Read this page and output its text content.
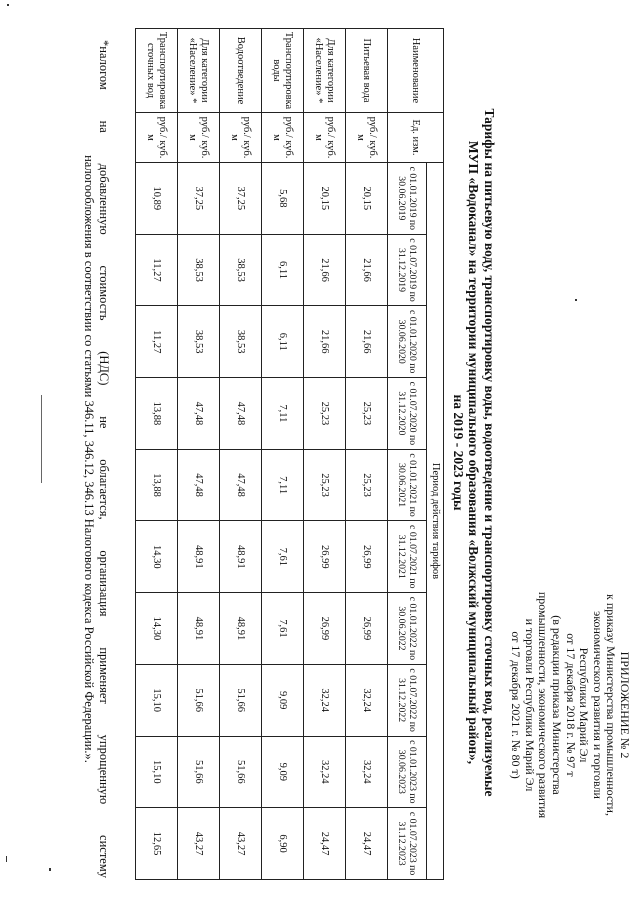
ПРИЛОЖЕНИЕ № 2
к приказу Министерства промышленности,
экономического развития и торговли
Республики Марий Эл
от 17 декабря 2018 г. № 97 т
(в редакции приказа Министерства
промышленности, экономического развития
и торговли Республики Марий Эл
от 17 декабря 2021 г. № 80 т)
Тарифы на питьевую воду, транспортировку воды, водоотведение и транспортировку сточных вод, реализуемые
МУП «Водоканал» на территории муниципального образования «Волжский муниципальный район»,
на 2019 - 2023 годы
Наименование	Ед. изм.	Период действия тарифов									
		с 01.01.2019 по 30.06.2019	с 01.07.2019 по 31.12.2019	с 01.01.2020 по 30.06.2020	с 01.07.2020 по 31.12.2020	с 01.01.2021 по 30.06.2021	с 01.07.2021 по 31.12.2021	с 01.01.2022 по 30.06.2022	с 01.07.2022 по 31.12.2022	с 01.01.2023 по 30.06.2023	с 01.07.2023 по 31.12.2023
Питьевая вода	руб./ куб. м	20,15	21,66	21,66	25,23	25,23	26,99	26,99	32,24	32,24	24,47
Для категории «Население» *	руб./ куб. м	20,15	21,66	21,66	25,23	25,23	26,99	26,99	32,24	32,24	24,47
Транспортировка воды	руб./ куб. м	5,68	6,11	6,11	7,11	7,11	7,61	7,61	9,09	9,09	6,90
Водоотведение	руб./ куб. м	37,25	38,53	38,53	47,48	47,48	48,91	48,91	51,66	51,66	43,27
Для категории «Население» *	руб./ куб. м	37,25	38,53	38,53	47,48	47,48	48,91	48,91	51,66	51,66	43,27
Транспортировка сточных вод	руб./ куб. м	10,89	11,27	11,27	13,88	13,88	14,30	14,30	15,10	15,10	12,65
*налогом на добавленную стоимость (НДС) не облагается, организация применяет упрощенную систему
налогообложения в соответствии со статьями 346.11, 346.12, 346.13 Налогового кодекса Российской Федерации.».
